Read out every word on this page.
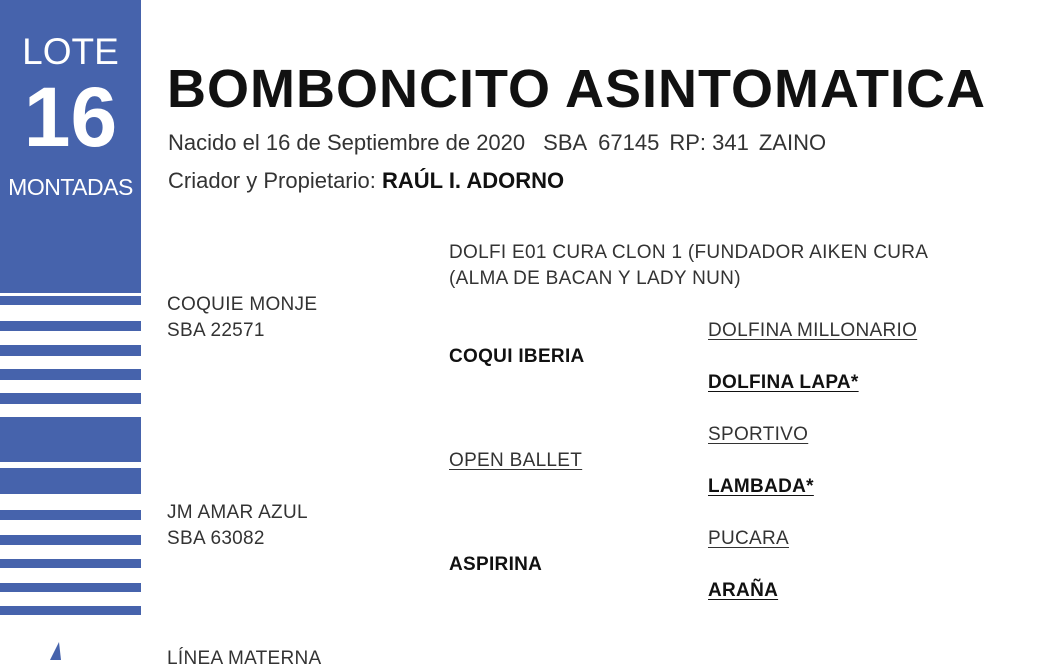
LOTE
16
MONTADAS
BOMBONCITO ASINTOMATICA
Nacido el 16 de Septiembre de 2020 SBA  67145 RP: 341 ZAINO
Criador y Propietario: RAÚL I. ADORNO
DOLFI E01 CURA CLON 1 (FUNDADOR AIKEN CURA
(ALMA DE BACAN Y LADY NUN)
COQUIE MONJE
SBA 22571	DOLFINA MILLONARIO
COQUI IBERIA
DOLFINA LAPA*
SPORTIVO
OPEN BALLET
LAMBADA*
JM AMAR AZUL
SBA 63082	PUCARA
ASPIRINA
ARAÑA
LÍNEA MATERNA
